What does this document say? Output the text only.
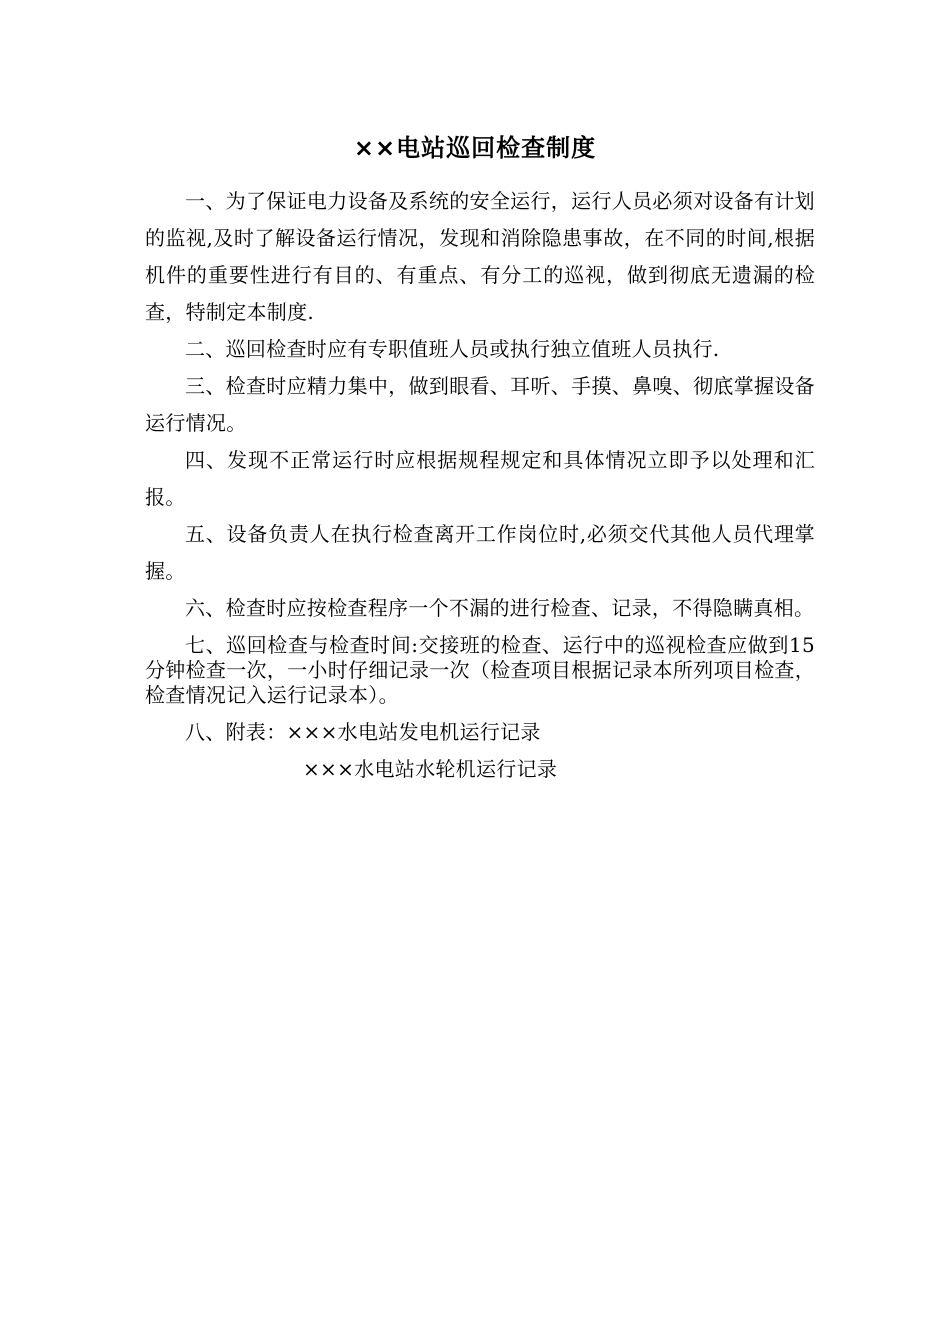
××电站巡回检查制度

一、为了保证电力设备及系统的安全运行，运行人员必须对设备有计划的监视,及时了解设备运行情况，发现和消除隐患事故，在不同的时间,根据机件的重要性进行有目的、有重点、有分工的巡视，做到彻底无遗漏的检查，特制定本制度.

二、巡回检查时应有专职值班人员或执行独立值班人员执行.

三、检查时应精力集中，做到眼看、耳听、手摸、鼻嗅、彻底掌握设备运行情况。

四、发现不正常运行时应根据规程规定和具体情况立即予以处理和汇报。

五、设备负责人在执行检查离开工作岗位时,必须交代其他人员代理掌握。

六、检查时应按检查程序一个不漏的进行检查、记录，不得隐瞒真相。

七、巡回检查与检查时间:交接班的检查、运行中的巡视检查应做到15分钟检查一次，一小时仔细记录一次（检查项目根据记录本所列项目检查，检查情况记入运行记录本）。

八、附表：×××水电站发电机运行记录
×××水电站水轮机运行记录
